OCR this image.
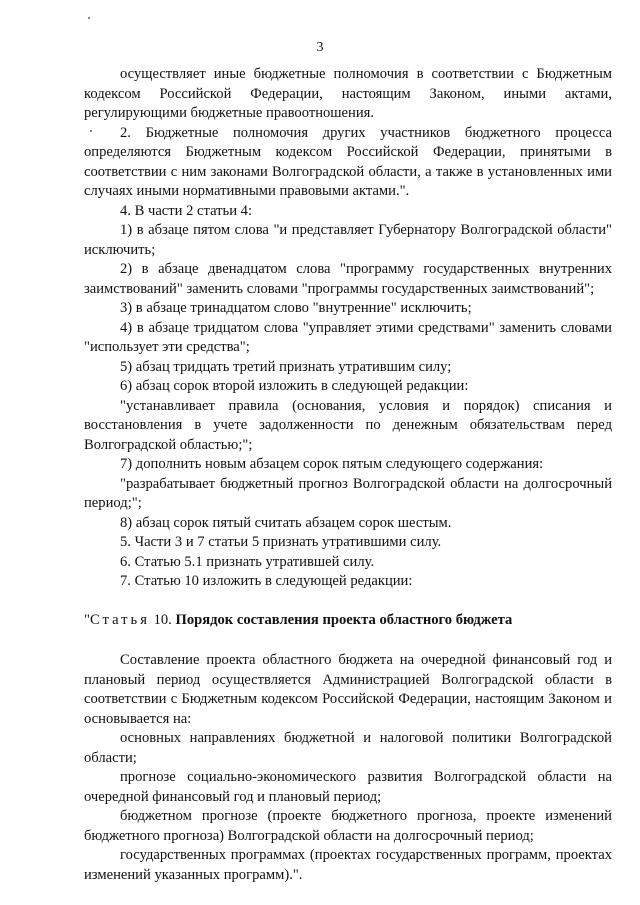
3

осуществляет иные бюджетные полномочия в соответствии с Бюджетным кодексом Российской Федерации, настоящим Законом, иными актами, регулирующими бюджетные правоотношения.

2. Бюджетные полномочия других участников бюджетного процесса определяются Бюджетным кодексом Российской Федерации, принятыми в соответствии с ним законами Волгоградской области, а также в установленных ими случаях иными нормативными правовыми актами.".

4. В части 2 статьи 4:

1) в абзаце пятом слова "и представляет Губернатору Волгоградской области" исключить;

2) в абзаце двенадцатом слова "программу государственных внутренних заимствований" заменить словами "программы государственных заимствований";

3) в абзаце тринадцатом слово "внутренние" исключить;

4) в абзаце тридцатом слова "управляет этими средствами" заменить словами "использует эти средства";

5) абзац тридцать третий признать утратившим силу;

6) абзац сорок второй изложить в следующей редакции:

"устанавливает правила (основания, условия и порядок) списания и восстановления в учете задолженности по денежным обязательствам перед Волгоградской областью;";

7) дополнить новым абзацем сорок пятым следующего содержания:

"разрабатывает бюджетный прогноз Волгоградской области на долгосрочный период;";

8) абзац сорок пятый считать абзацем сорок шестым.

5. Части 3 и 7 статьи 5 признать утратившими силу.

6. Статью 5.1 признать утратившей силу.

7. Статью 10 изложить в следующей редакции:

"Статья 10. Порядок составления проекта областного бюджета

Составление проекта областного бюджета на очередной финансовый год и плановый период осуществляется Администрацией Волгоградской области в соответствии с Бюджетным кодексом Российской Федерации, настоящим Законом и основывается на:

основных направлениях бюджетной и налоговой политики Волгоградской области;

прогнозе социально-экономического развития Волгоградской области на очередной финансовый год и плановый период;

бюджетном прогнозе (проекте бюджетного прогноза, проекте изменений бюджетного прогноза) Волгоградской области на долгосрочный период;

государственных программах (проектах государственных программ, проектах изменений указанных программ).".
